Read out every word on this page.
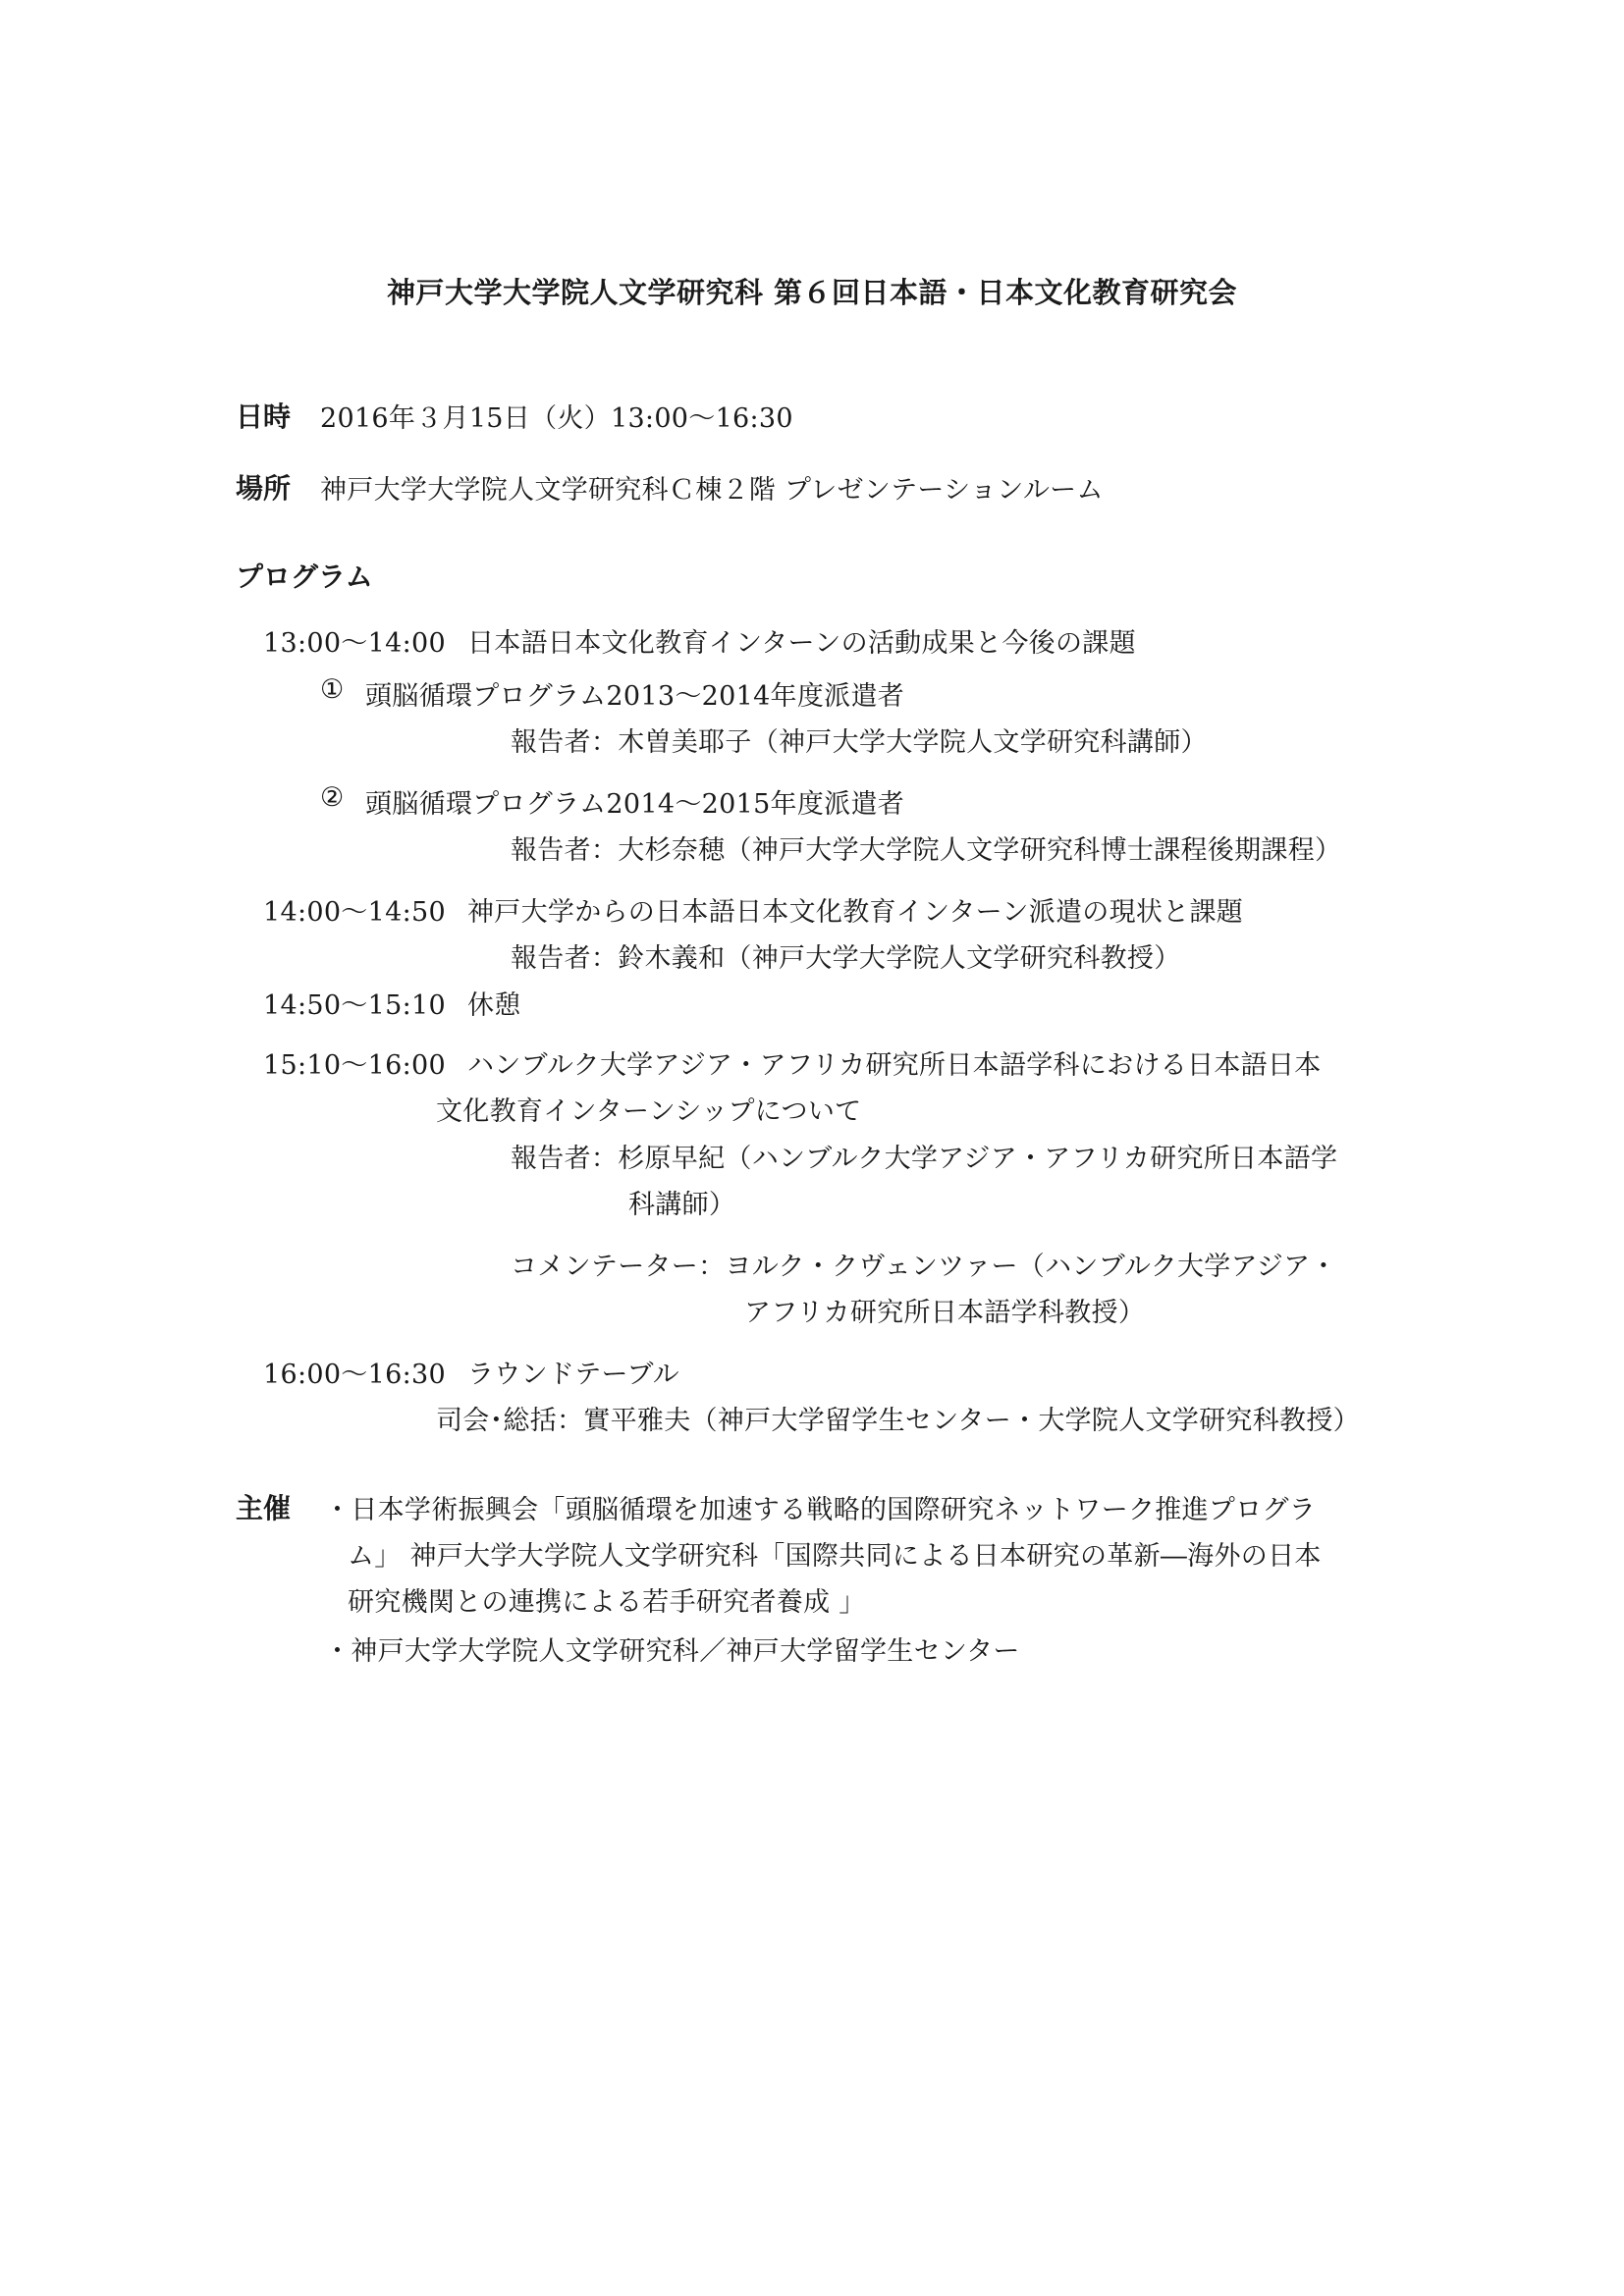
神戸大学大学院人文学研究科 第６回日本語・日本文化教育研究会
日時 2016年３月15日（火）13:00～16:30
場所 神戸大学大学院人文学研究科Ｃ棟２階 プレゼンテーションルーム
プログラム
13:00～14:00 日本語日本文化教育インターンの活動成果と今後の課題
① 頭脳循環プログラム2013～2014年度派遣者
報告者：木曽美耶子（神戸大学大学院人文学研究科講師）
② 頭脳循環プログラム2014～2015年度派遣者
報告者：大杉奈穂（神戸大学大学院人文学研究科博士課程後期課程）
14:00～14:50 神戸大学からの日本語日本文化教育インターン派遣の現状と課題
報告者：鈴木義和（神戸大学大学院人文学研究科教授）
14:50～15:10 休憩
15:10～16:00 ハンブルク大学アジア・アフリカ研究所日本語学科における日本語日本
文化教育インターンシップについて
報告者：杉原早紀（ハンブルク大学アジア・アフリカ研究所日本語学
科講師）
コメンテーター：ヨルク・クヴェンツァー（ハンブルク大学アジア・
アフリカ研究所日本語学科教授）
16:00～16:30 ラウンドテーブル
司会･総括：實平雅夫（神戸大学留学生センター・大学院人文学研究科教授）
主催 ・日本学術振興会「頭脳循環を加速する戦略的国際研究ネットワーク推進プログラ
ム」 神戸大学大学院人文学研究科「国際共同による日本研究の革新―海外の日本
研究機関との連携による若手研究者養成 」
・神戸大学大学院人文学研究科／神戸大学留学生センター
